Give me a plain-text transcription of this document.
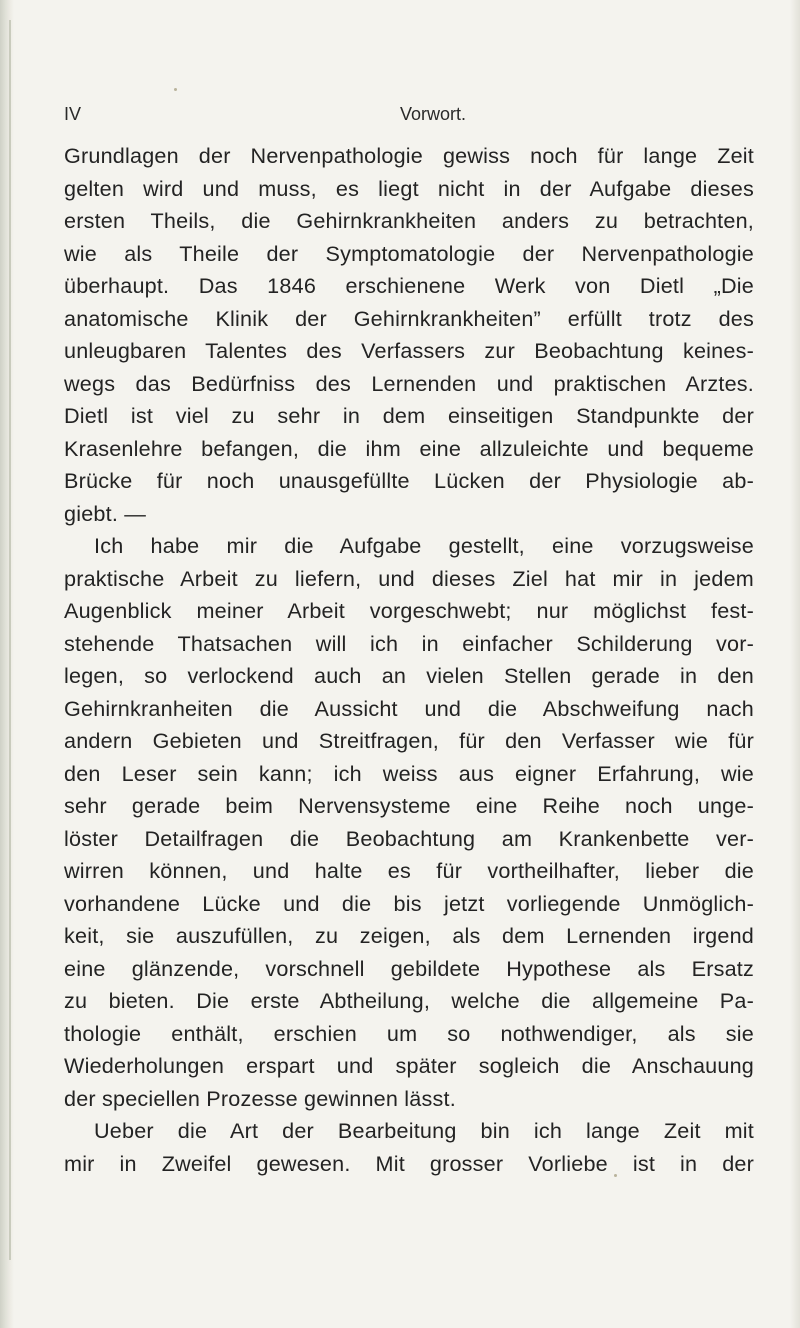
IV	Vorwort.
Grundlagen der Nervenpathologie gewiss noch für lange Zeit
gelten wird und muss, es liegt nicht in der Aufgabe dieses
ersten Theils, die Gehirnkrankheiten anders zu betrachten,
wie als Theile der Symptomatologie der Nervenpathologie
überhaupt. Das 1846 erschienene Werk von Dietl „Die
anatomische Klinik der Gehirnkrankheiten” erfüllt trotz des
unleugbaren Talentes des Verfassers zur Beobachtung keines-
wegs das Bedürfniss des Lernenden und praktischen Arztes.
Dietl ist viel zu sehr in dem einseitigen Standpunkte der
Krasenlehre befangen, die ihm eine allzuleichte und bequeme
Brücke für noch unausgefüllte Lücken der Physiologie ab-
giebt. —
Ich habe mir die Aufgabe gestellt, eine vorzugsweise
praktische Arbeit zu liefern, und dieses Ziel hat mir in jedem
Augenblick meiner Arbeit vorgeschwebt; nur möglichst fest-
stehende Thatsachen will ich in einfacher Schilderung vor-
legen, so verlockend auch an vielen Stellen gerade in den
Gehirnkranheiten die Aussicht und die Abschweifung nach
andern Gebieten und Streitfragen, für den Verfasser wie für
den Leser sein kann; ich weiss aus eigner Erfahrung, wie
sehr gerade beim Nervensysteme eine Reihe noch unge-
löster Detailfragen die Beobachtung am Krankenbette ver-
wirren können, und halte es für vortheilhafter, lieber die
vorhandene Lücke und die bis jetzt vorliegende Unmöglich-
keit, sie auszufüllen, zu zeigen, als dem Lernenden irgend
eine glänzende, vorschnell gebildete Hypothese als Ersatz
zu bieten. Die erste Abtheilung, welche die allgemeine Pa-
thologie enthält, erschien um so nothwendiger, als sie
Wiederholungen erspart und später sogleich die Anschauung
der speciellen Prozesse gewinnen lässt.
Ueber die Art der Bearbeitung bin ich lange Zeit mit
mir in Zweifel gewesen. Mit grosser Vorliebe ist in der
